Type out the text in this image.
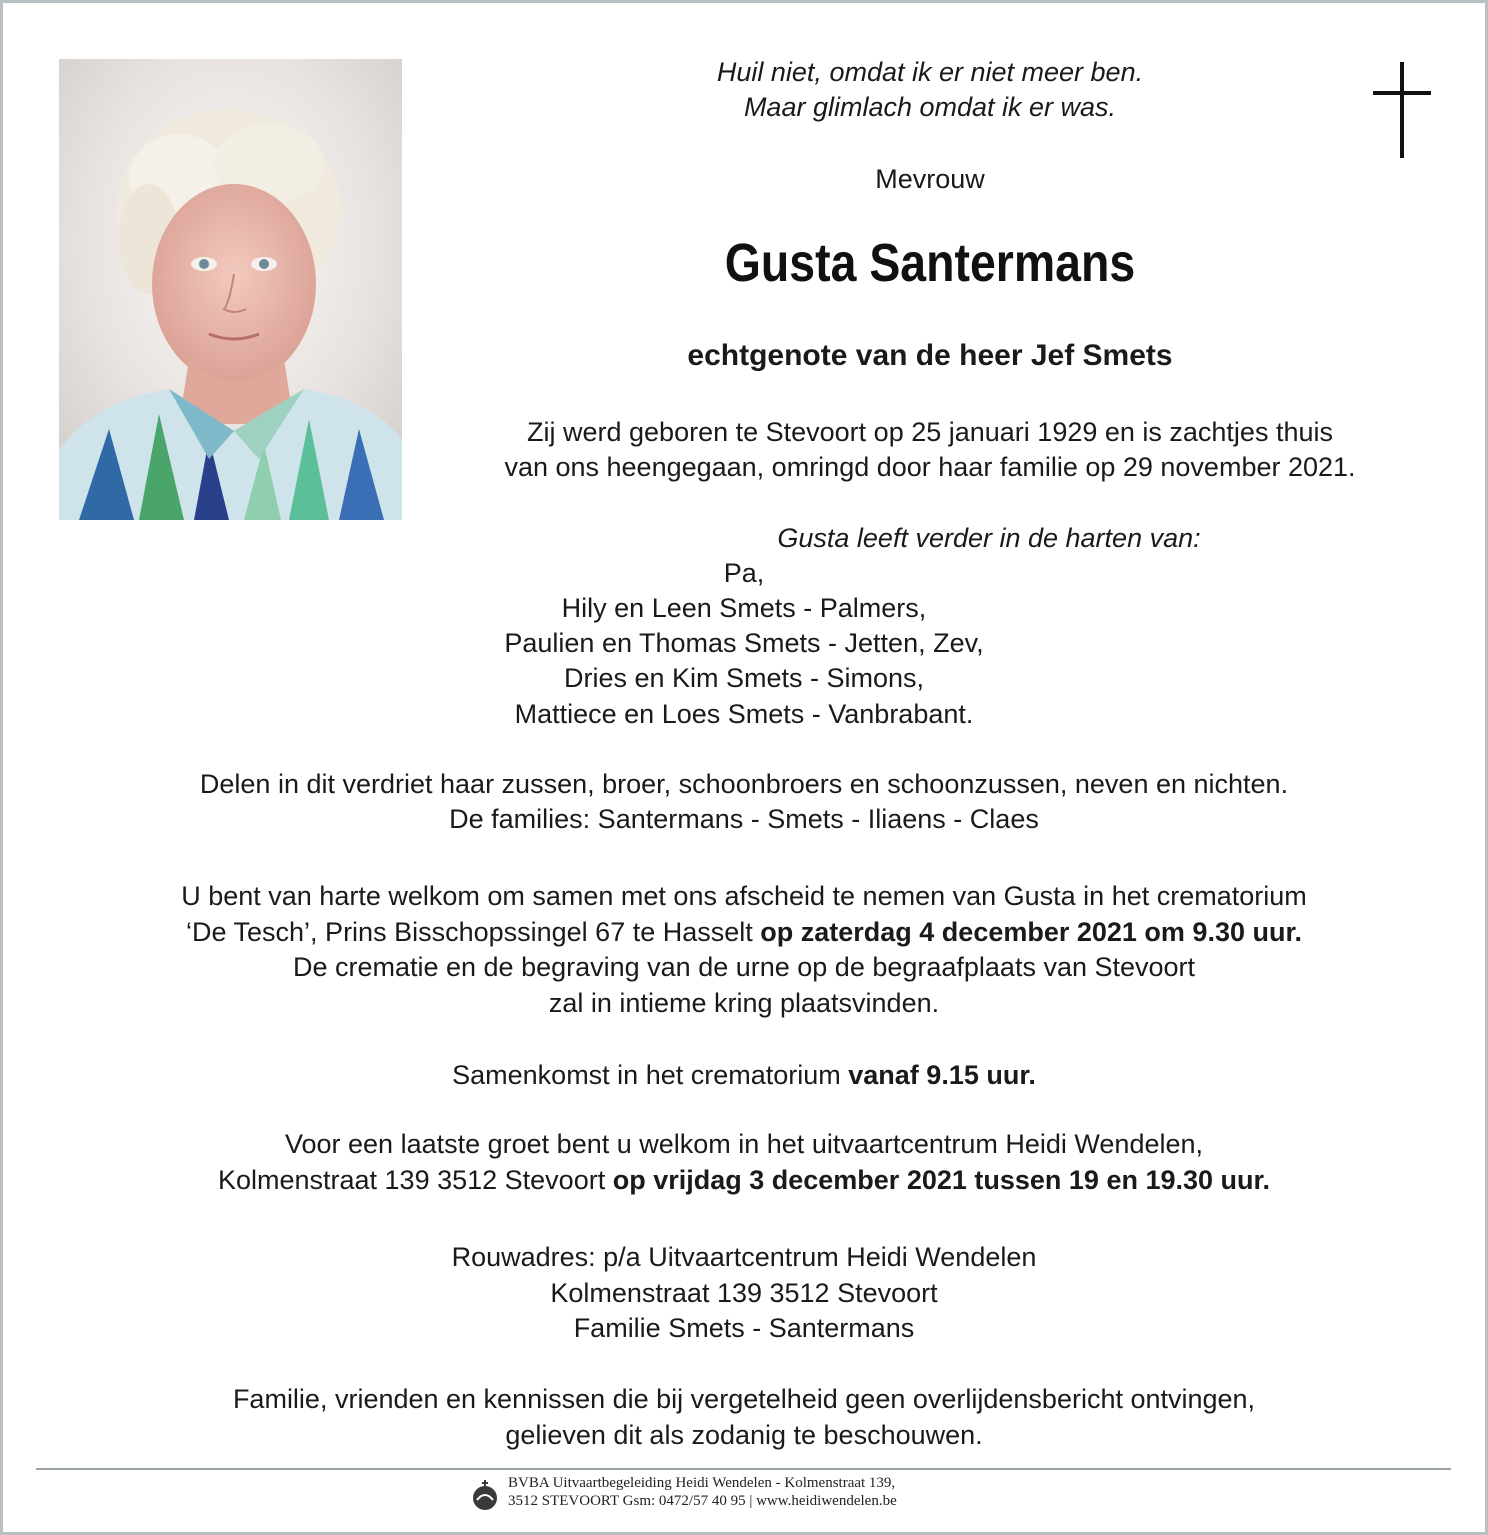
Huil niet, omdat ik er niet meer ben.
Maar glimlach omdat ik er was.
Mevrouw
Gusta Santermans
echtgenote van de heer Jef Smets
Zij werd geboren te Stevoort op 25 januari 1929 en is zachtjes thuis
van ons heengegaan, omringd door haar familie op 29 november 2021.
Gusta leeft verder in de harten van:
Pa,
Hily en Leen Smets - Palmers,
Paulien en Thomas Smets - Jetten, Zev,
Dries en Kim Smets - Simons,
Mattiece en Loes Smets - Vanbrabant.
Delen in dit verdriet haar zussen, broer, schoonbroers en schoonzussen, neven en nichten.
De families: Santermans - Smets - Iliaens - Claes
U bent van harte welkom om samen met ons afscheid te nemen van Gusta in het crematorium
‘De Tesch’, Prins Bisschopssingel 67 te Hasselt op zaterdag 4 december 2021 om 9.30 uur.
De crematie en de begraving van de urne op de begraafplaats van Stevoort
zal in intieme kring plaatsvinden.
Samenkomst in het crematorium vanaf 9.15 uur.
Voor een laatste groet bent u welkom in het uitvaartcentrum Heidi Wendelen,
Kolmenstraat 139 3512 Stevoort op vrijdag 3 december 2021 tussen 19 en 19.30 uur.
Rouwadres: p/a Uitvaartcentrum Heidi Wendelen
Kolmenstraat 139 3512 Stevoort
Familie Smets - Santermans
Familie, vrienden en kennissen die bij vergetelheid geen overlijdensbericht ontvingen,
gelieven dit als zodanig te beschouwen.
BVBA Uitvaartbegeleiding Heidi Wendelen - Kolmenstraat 139,
3512 STEVOORT Gsm: 0472/57 40 95 | www.heidiwendelen.be
